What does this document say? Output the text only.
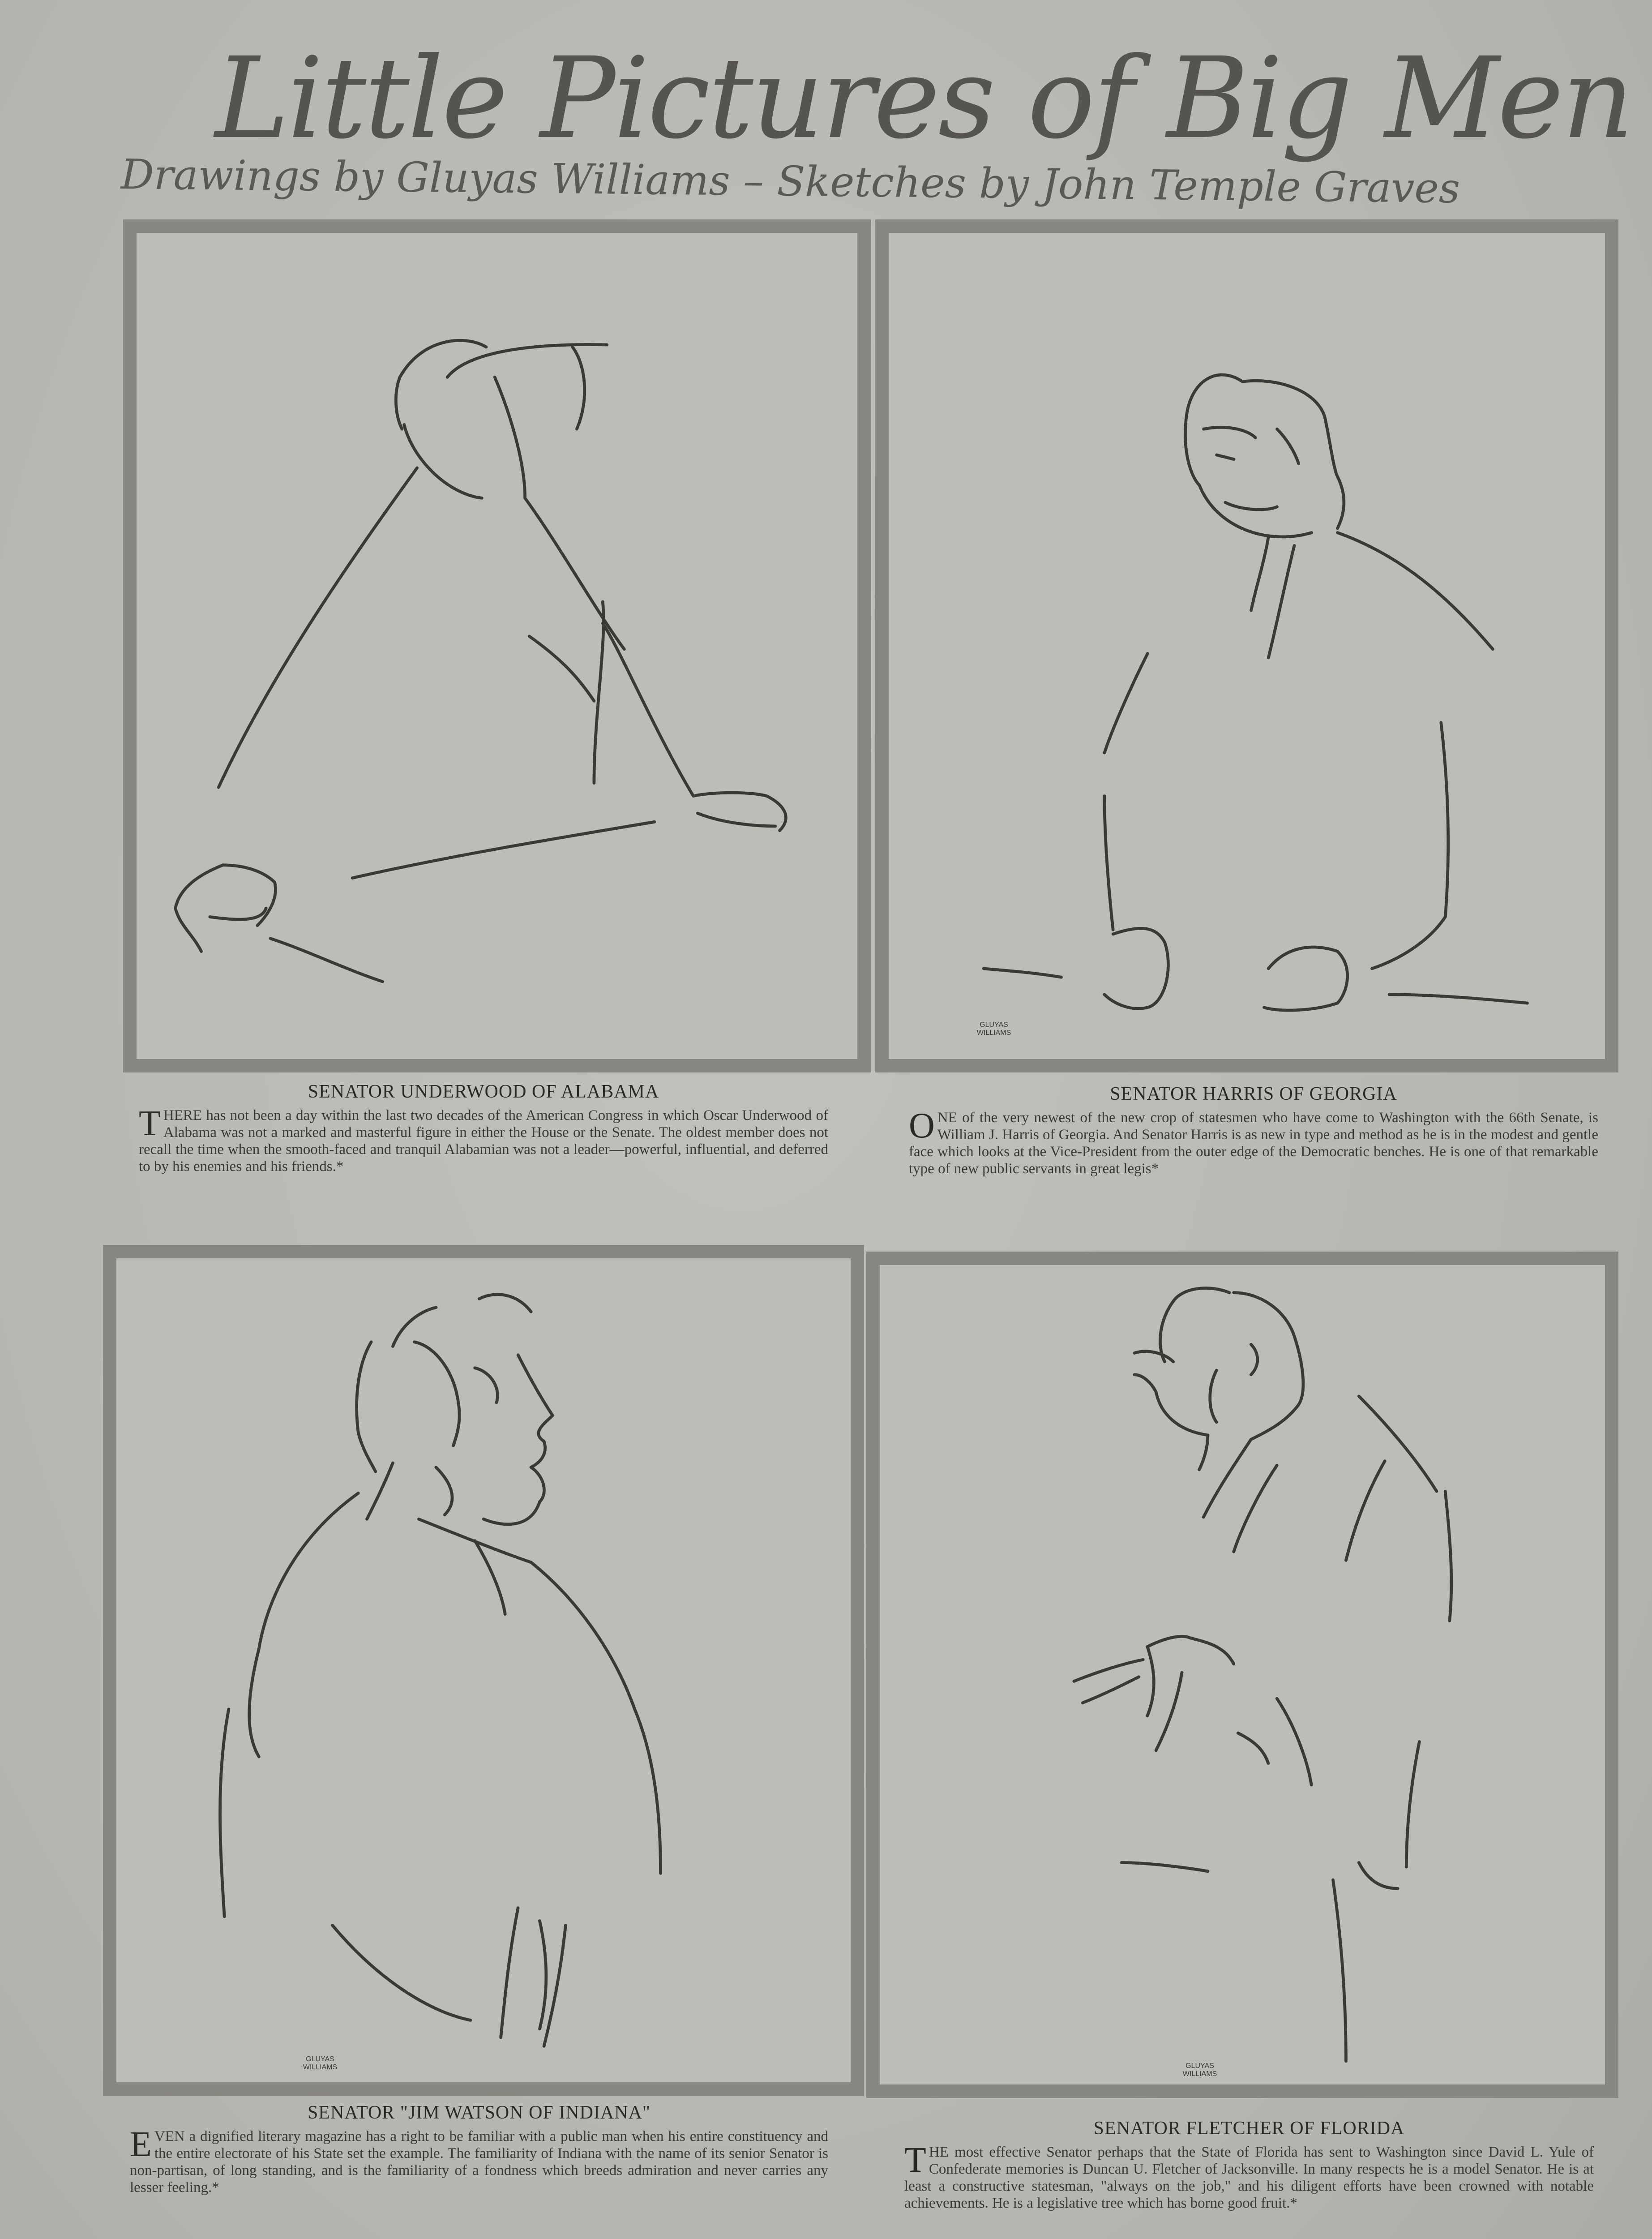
Little Pictures of Big Men
Drawings by Gluyas Williams – Sketches by John Temple Graves
GLUYAS WILLIAMS
SENATOR UNDERWOOD OF ALABAMA
THERE has not been a day within the last two decades of the American Congress in which Oscar Underwood of Alabama was not a marked and masterful figure in either the House or the Senate. The oldest member does not recall the time when the smooth-faced and tranquil Alabamian was not a leader—powerful, influential, and deferred to by his enemies and his friends.*
SENATOR HARRIS OF GEORGIA
ONE of the very newest of the new crop of statesmen who have come to Washington with the 66th Senate, is William J. Harris of Georgia. And Senator Harris is as new in type and method as he is in the modest and gentle face which looks at the Vice-President from the outer edge of the Democratic benches. He is one of that remarkable type of new public servants in great legis*
GLUYAS WILLIAMS	GLUYAS WILLIAMS
SENATOR "JIM WATSON OF INDIANA"
EVEN a dignified literary magazine has a right to be familiar with a public man when his entire constituency and the entire electorate of his State set the example. The familiarity of Indiana with the name of its senior Senator is non-partisan, of long standing, and is the familiarity of a fondness which breeds admiration and never carries any lesser feeling.*
SENATOR FLETCHER OF FLORIDA
THE most effective Senator perhaps that the State of Florida has sent to Washington since David L. Yule of Confederate memories is Duncan U. Fletcher of Jacksonville. In many respects he is a model Senator. He is at least a constructive statesman, "always on the job," and his diligent efforts have been crowned with notable achievements. He is a legislative tree which has borne good fruit.*
